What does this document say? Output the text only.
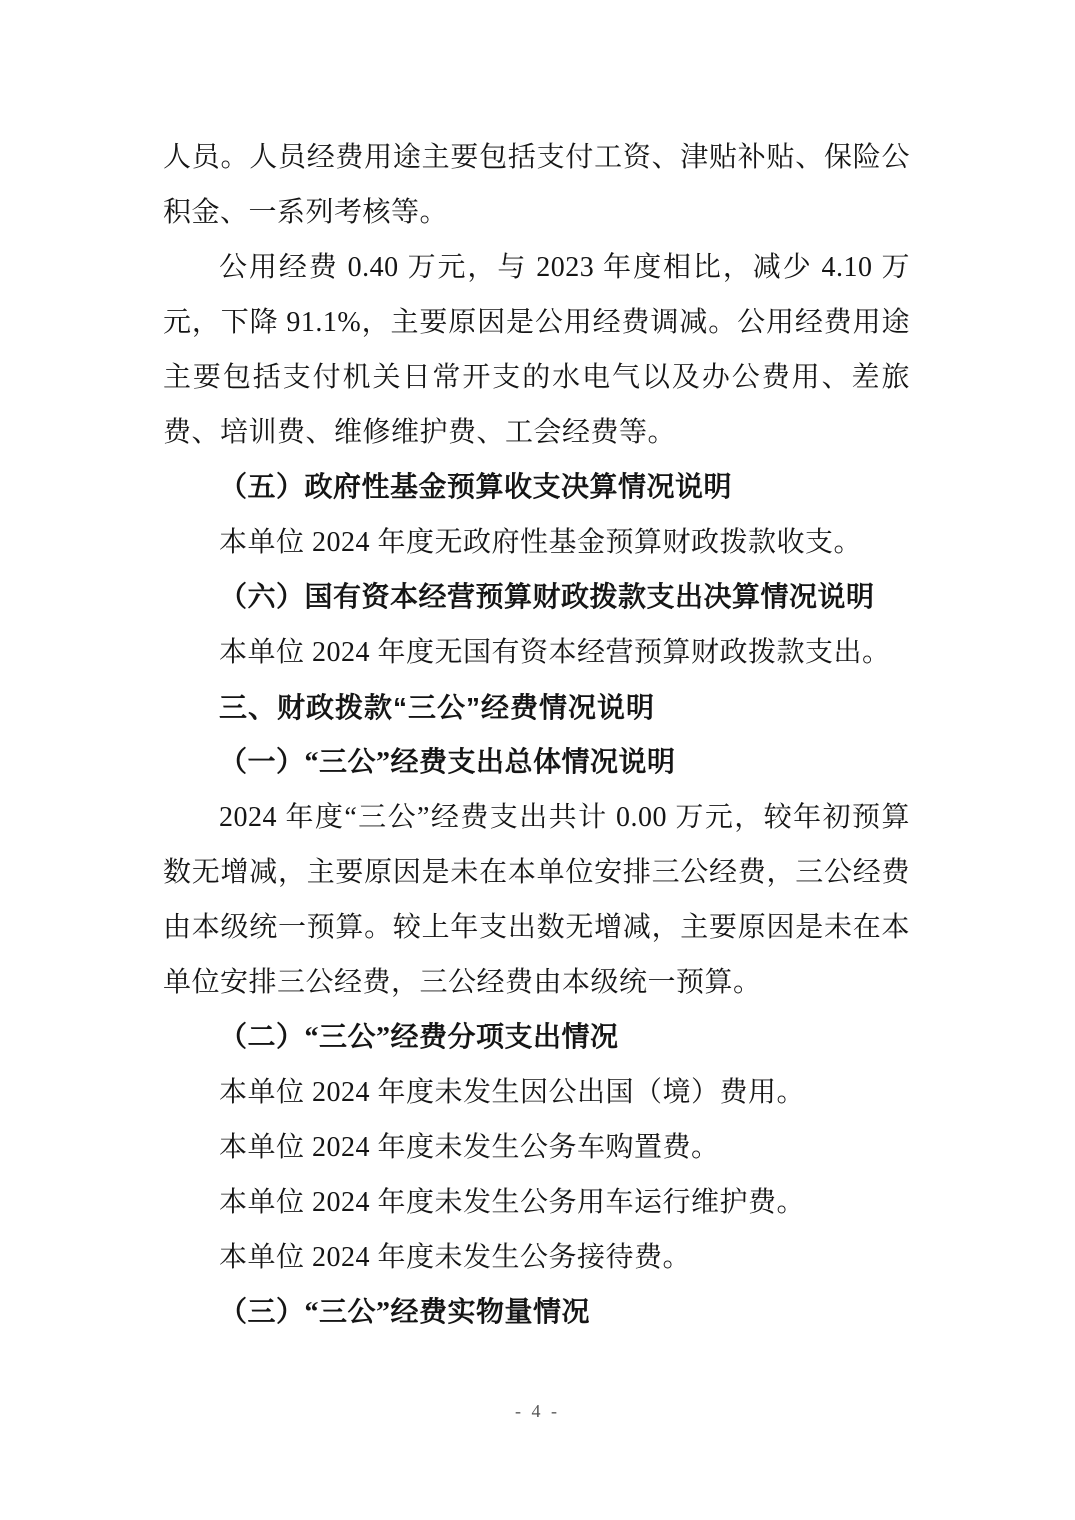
人员。人员经费用途主要包括支付工资、津贴补贴、保险公积金、一系列考核等。

公用经费 0.40 万元，与 2023 年度相比，减少 4.10 万元，下降 91.1%，主要原因是公用经费调减。公用经费用途主要包括支付机关日常开支的水电气以及办公费用、差旅费、培训费、维修维护费、工会经费等。

（五）政府性基金预算收支决算情况说明

本单位 2024 年度无政府性基金预算财政拨款收支。

（六）国有资本经营预算财政拨款支出决算情况说明

本单位 2024 年度无国有资本经营预算财政拨款支出。

三、财政拨款“三公”经费情况说明

（一）“三公”经费支出总体情况说明

2024 年度“三公”经费支出共计 0.00 万元，较年初预算数无增减，主要原因是未在本单位安排三公经费，三公经费由本级统一预算。较上年支出数无增减，主要原因是未在本单位安排三公经费，三公经费由本级统一预算。

（二）“三公”经费分项支出情况

本单位 2024 年度未发生因公出国（境）费用。

本单位 2024 年度未发生公务车购置费。

本单位 2024 年度未发生公务用车运行维护费。

本单位 2024 年度未发生公务接待费。

（三）“三公”经费实物量情况

- 4 -
